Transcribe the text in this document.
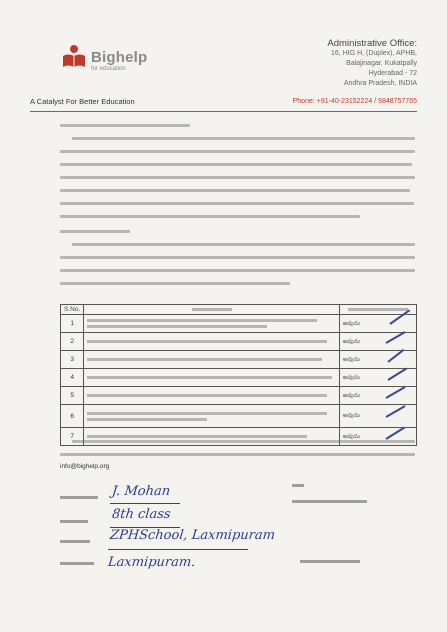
Bighelp
for education
A Catalyst For Better Education
Administrative Office:
16, HIG H, (Duplex), APHB,
Balajinagar, Kukatpally
Hyderabad - 72
Andhra Pradesh, INDIA
Phone: +91-40-23152224 / 9848757765
S.No.		
1		అవును

2		అవును

3		అవును

4		అవును

5		అవును

6		అవును

7		అవును
info@bighelp.org
J. Mohan
8th class
ZPHSchool, Laxmipuram
Laxmipuram.
